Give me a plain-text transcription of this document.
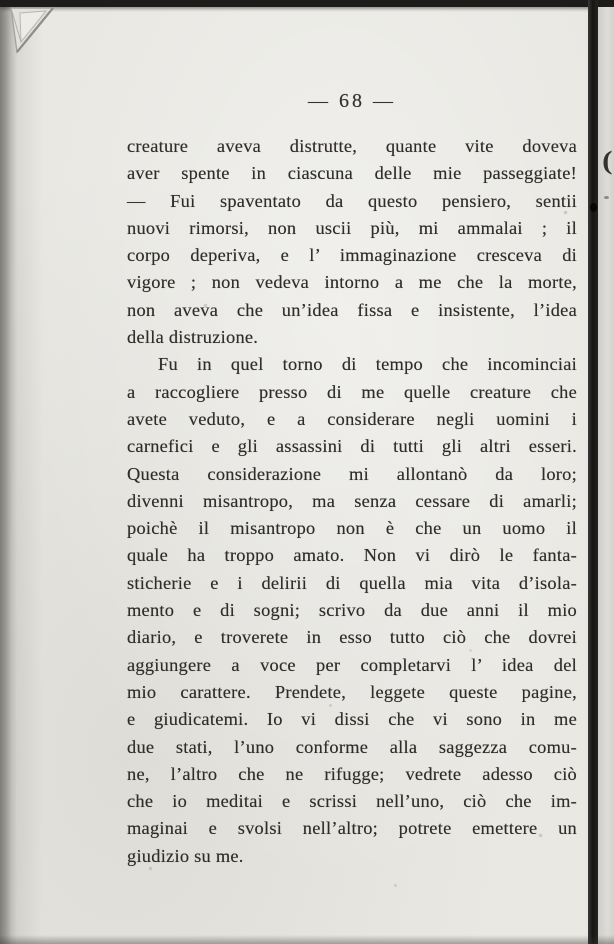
(
— 68 —
creature aveva distrutte, quante vite doveva
aver spente in ciascuna delle mie passeggiate!
— Fui spaventato da questo pensiero, sentii
nuovi rimorsi, non uscii più, mi ammalai ; il
corpo deperiva, e l’ immaginazione cresceva di
vigore ; non vedeva intorno a me che la morte,
non aveva che un’idea fissa e insistente, l’idea
della distruzione.
Fu in quel torno di tempo che incominciai
a raccogliere presso di me quelle creature che
avete veduto, e a considerare negli uomini i
carnefici e gli assassini di tutti gli altri esseri.
Questa considerazione mi allontanò da loro;
divenni misantropo, ma senza cessare di amarli;
poichè il misantropo non è che un uomo il
quale ha troppo amato. Non vi dirò le fanta-
sticherie e i delirii di quella mia vita d’isola-
mento e di sogni; scrivo da due anni il mio
diario, e troverete in esso tutto ciò che dovrei
aggiungere a voce per completarvi l’ idea del
mio carattere. Prendete, leggete queste pagine,
e giudicatemi. Io vi dissi che vi sono in me
due stati, l’uno conforme alla saggezza comu-
ne, l’altro che ne rifugge; vedrete adesso ciò
che io meditai e scrissi nell’uno, ciò che im-
maginai e svolsi nell’altro; potrete emettere un
giudizio su me.
